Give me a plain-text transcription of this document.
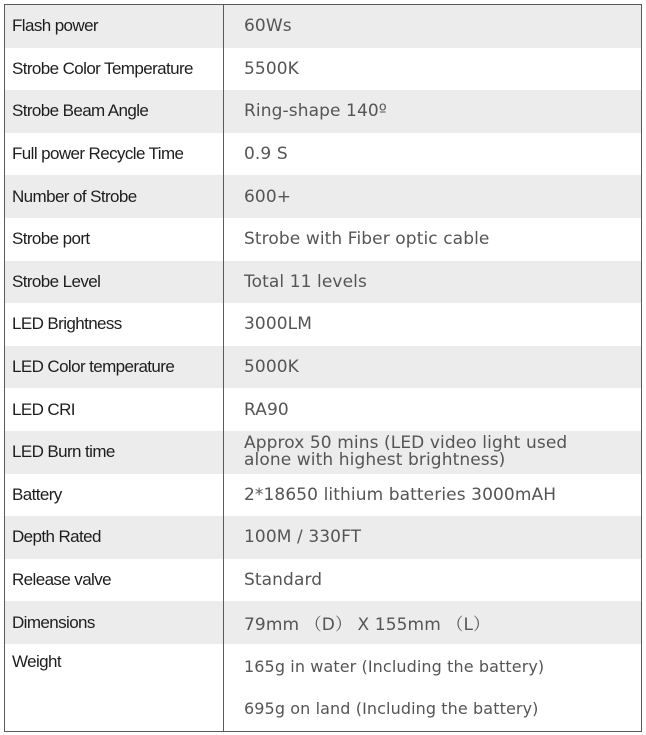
Flash power	60Ws
Strobe Color Temperature	5500K
Strobe Beam Angle	Ring-shape 140º
Full power Recycle Time	0.9 S
Number of Strobe	600+
Strobe port	Strobe with Fiber optic cable
Strobe Level	Total 11 levels
LED Brightness	3000LM
LED Color temperature	5000K
LED CRI	RA90
LED Burn time	Approx 50 mins (LED video light used
alone with highest brightness)
Battery	2*18650 lithium batteries 3000mAH
Depth Rated	100M / 330FT
Release valve	Standard
Dimensions	79mm （D） X 155mm （L）
Weight	165g in water (Including the battery)
695g on land (Including the battery)
